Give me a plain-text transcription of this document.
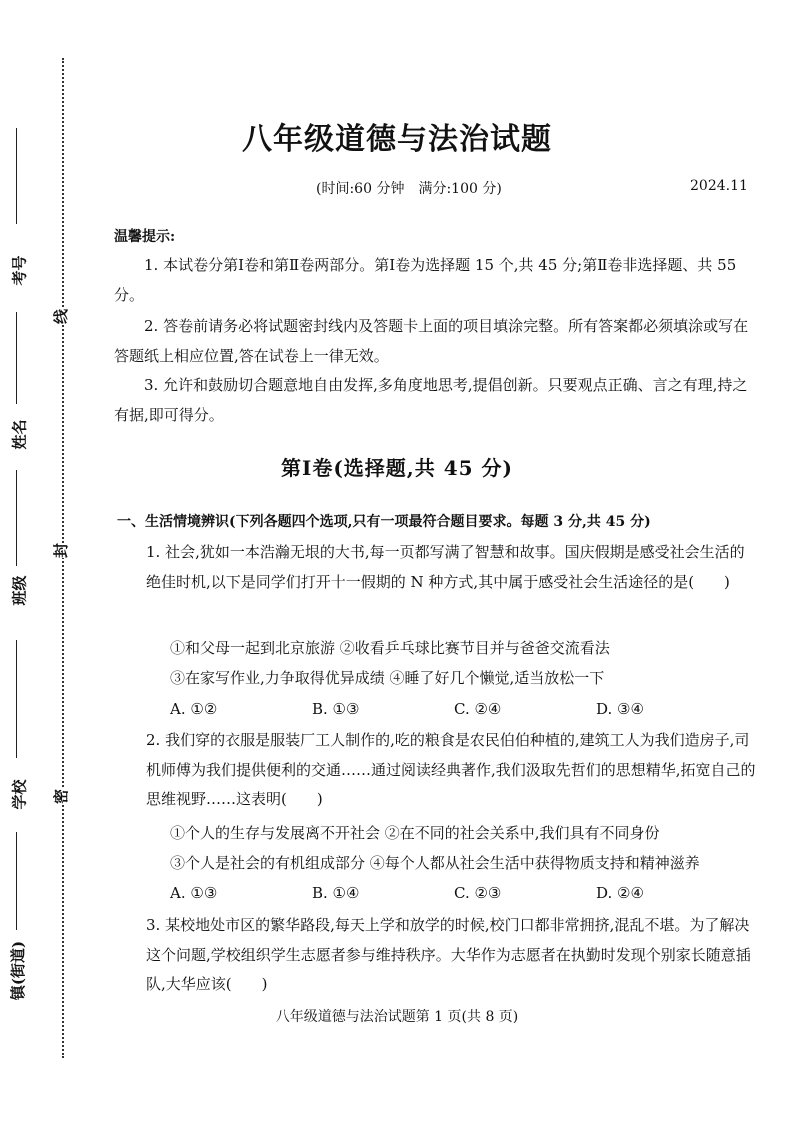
考号
姓名
班级
学校
镇(街道)
线
封
密
八年级道德与法治试题
(时间:60 分钟　满分:100 分)	2024.11
温馨提示:

1. 本试卷分第Ⅰ卷和第Ⅱ卷两部分。第Ⅰ卷为选择题 15 个,共 45 分;第Ⅱ卷非选择题、共 55 分。

2. 答卷前请务必将试题密封线内及答题卡上面的项目填涂完整。所有答案都必须填涂或写在答题纸上相应位置,答在试卷上一律无效。

3. 允许和鼓励切合题意地自由发挥,多角度地思考,提倡创新。只要观点正确、言之有理,持之有据,即可得分。

第Ⅰ卷(选择题,共 45 分)
一、生活情境辨识(下列各题四个选项,只有一项最符合题目要求。每题 3 分,共 45 分)

1. 社会,犹如一本浩瀚无垠的大书,每一页都写满了智慧和故事。国庆假期是感受社会生活的绝佳时机,以下是同学们打开十一假期的 N 种方式,其中属于感受社会生活途径的是(　　)

①和父母一起到北京旅游 ②收看乒乓球比赛节目并与爸爸交流看法
③在家写作业,力争取得优异成绩 ④睡了好几个懒觉,适当放松一下
A. ①②	B. ①③	C. ②④	D. ③④

2. 我们穿的衣服是服装厂工人制作的,吃的粮食是农民伯伯种植的,建筑工人为我们造房子,司机师傅为我们提供便利的交通……通过阅读经典著作,我们汲取先哲们的思想精华,拓宽自己的思维视野……这表明(　　)

①个人的生存与发展离不开社会 ②在不同的社会关系中,我们具有不同身份
③个人是社会的有机组成部分 ④每个人都从社会生活中获得物质支持和精神滋养
A. ①③	B. ①④	C. ②③	D. ②④

3. 某校地处市区的繁华路段,每天上学和放学的时候,校门口都非常拥挤,混乱不堪。为了解决这个问题,学校组织学生志愿者参与维持秩序。大华作为志愿者在执勤时发现个别家长随意插队,大华应该(　　)

八年级道德与法治试题第 1 页(共 8 页)
